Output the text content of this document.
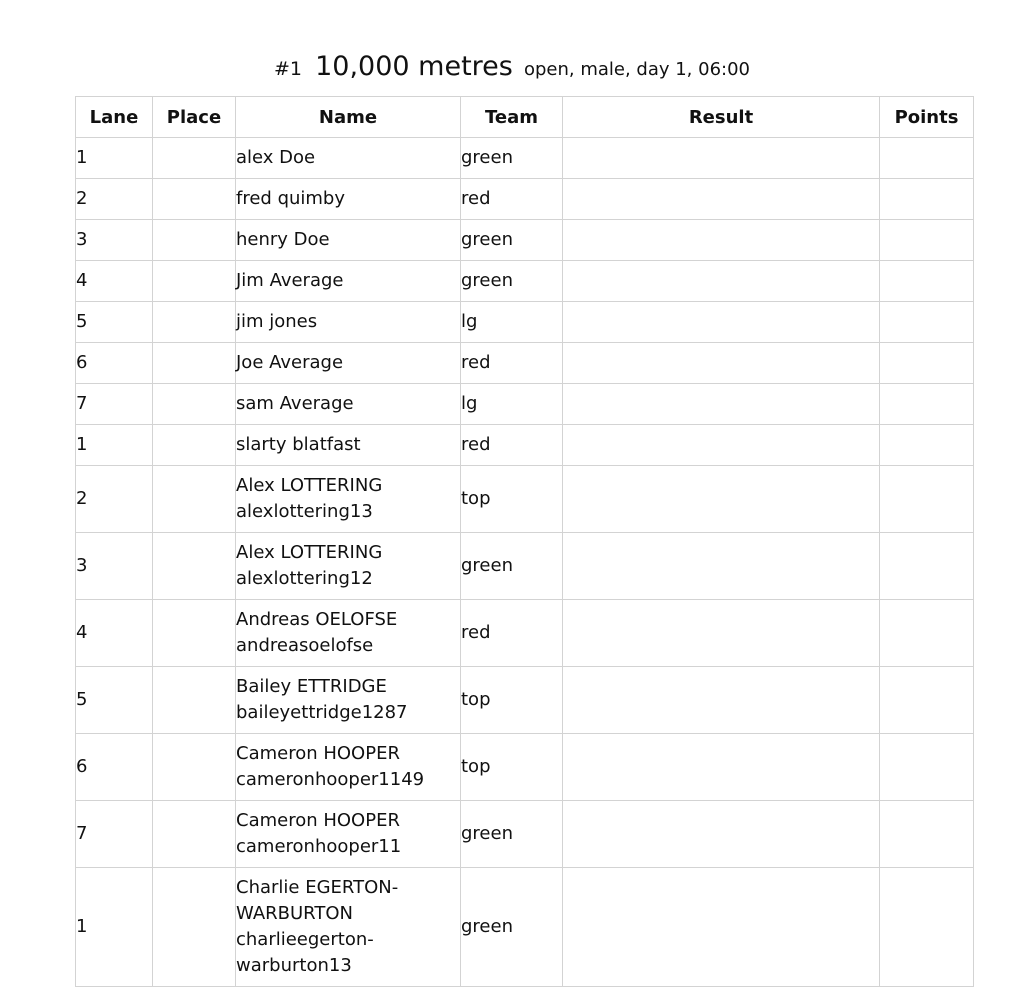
#1 10,000 metres open, male, day 1, 06:00
Lane	Place	Name	Team	Result	Points
1		alex Doe	green		
2		fred quimby	red		
3		henry Doe	green		
4		Jim Average	green		
5		jim jones	lg		
6		Joe Average	red		
7		sam Average	lg		
1		slarty blatfast	red		
2		Alex LOTTERING
alexlottering13	top		
3		Alex LOTTERING
alexlottering12	green		
4		Andreas OELOFSE
andreasoelofse	red		
5		Bailey ETTRIDGE
baileyettridge1287	top		
6		Cameron HOOPER
cameronhooper1149	top		
7		Cameron HOOPER
cameronhooper11	green		
1		Charlie EGERTON-
WARBURTON
charlieegerton-
warburton13	green		
